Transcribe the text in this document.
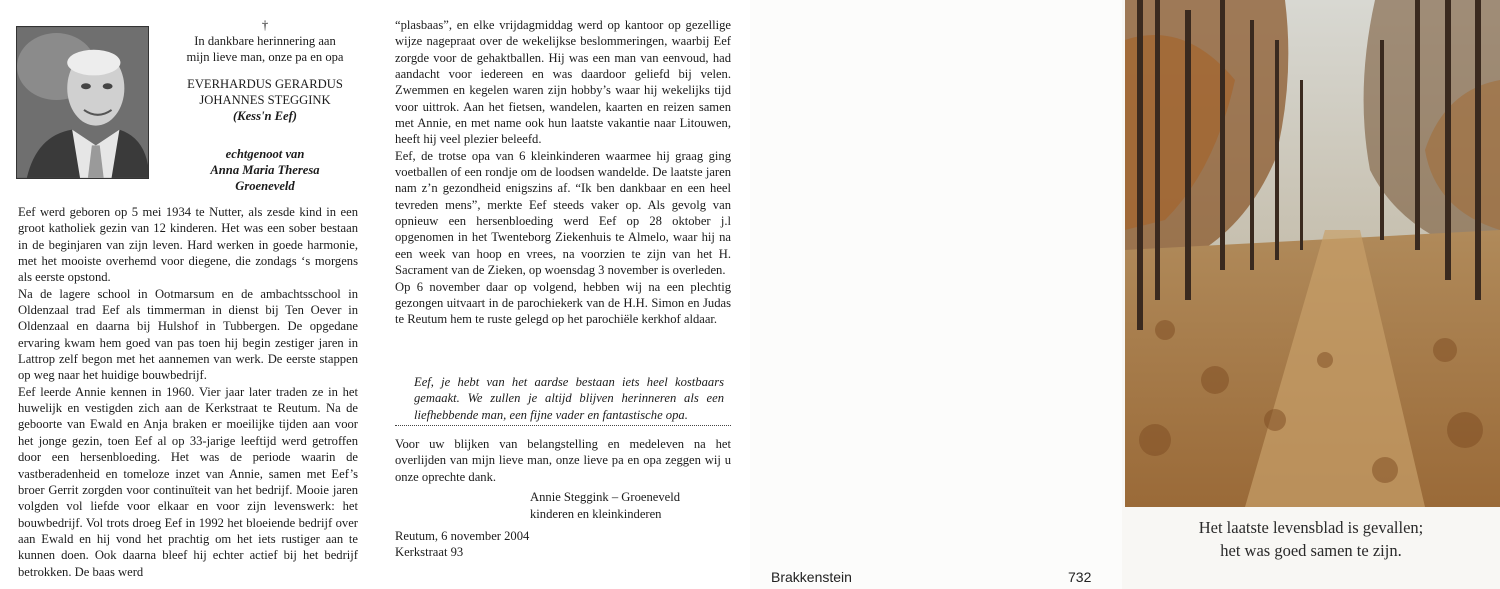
†
In dankbare herinnering aan
mijn lieve man, onze pa en opa
EVERHARDUS GERARDUS
JOHANNES STEGGINK
(Kess'n Eef)
echtgenoot van
Anna Maria Theresa
Groeneveld

Eef werd geboren op 5 mei 1934 te Nutter, als zesde kind in een groot katholiek gezin van 12 kinderen. Het was een sober bestaan in de beginjaren van zijn leven. Hard werken in goede harmonie, met het mooiste overhemd voor diegene, die zondags ‘s morgens als eerste opstond.

Na de lagere school in Ootmarsum en de ambachtsschool in Oldenzaal trad Eef als timmerman in dienst bij Ten Oever in Oldenzaal en daarna bij Hulshof in Tubbergen. De opgedane ervaring kwam hem goed van pas toen hij begin zestiger jaren in Lattrop zelf begon met het aannemen van werk. De eerste stappen op weg naar het huidige bouwbedrijf.

Eef leerde Annie kennen in 1960. Vier jaar later traden ze in het huwelijk en vestigden zich aan de Kerkstraat te Reutum. Na de geboorte van Ewald en Anja braken er moeilijke tijden aan voor het jonge gezin, toen Eef al op 33-jarige leeftijd werd getroffen door een hersenbloeding. Het was de periode waarin de vastberadenheid en tomeloze inzet van Annie, samen met Eef’s broer Gerrit zorgden voor continuïteit van het bedrijf. Mooie jaren volgden vol liefde voor elkaar en voor zijn levenswerk: het bouwbedrijf. Vol trots droeg Eef in 1992 het bloeiende bedrijf over aan Ewald en hij vond het prachtig om het iets rustiger aan te kunnen doen. Ook daarna bleef hij echter actief bij het bedrijf betrokken. De baas werd

“plasbaas”, en elke vrijdagmiddag werd op kantoor op gezellige wijze nagepraat over de wekelijkse beslommeringen, waarbij Eef zorgde voor de gehaktballen. Hij was een man van eenvoud, had aandacht voor iedereen en was daardoor geliefd bij velen. Zwemmen en kegelen waren zijn hobby’s waar hij wekelijks tijd voor uittrok. Aan het fietsen, wandelen, kaarten en reizen samen met Annie, en met name ook hun laatste vakantie naar Litouwen, heeft hij veel plezier beleefd.

Eef, de trotse opa van 6 kleinkinderen waarmee hij graag ging voetballen of een rondje om de loodsen wandelde. De laatste jaren nam z’n gezondheid enigszins af. “Ik ben dankbaar en een heel tevreden mens”, merkte Eef steeds vaker op. Als gevolg van opnieuw een hersenbloeding werd Eef op 28 oktober j.l opgenomen in het Twenteborg Ziekenhuis te Almelo, waar hij na een week van hoop en vrees, na voorzien te zijn van het H. Sacrament van de Zieken, op woensdag 3 november is overleden.

Op 6 november daar op volgend, hebben wij na een plechtig gezongen uitvaart in de parochiekerk van de H.H. Simon en Judas te Reutum hem te ruste gelegd op het parochiële kerkhof aldaar.

Eef, je hebt van het aardse bestaan iets heel kostbaars gemaakt. We zullen je altijd blijven herinneren als een liefhebbende man, een fijne vader en fantastische opa.
Voor uw blijken van belangstelling en medeleven na het overlijden van mijn lieve man, onze lieve pa en opa zeggen wij u onze oprechte dank.
Annie Steggink – Groeneveld
kinderen en kleinkinderen
Reutum, 6 november 2004
Kerkstraat 93
Brakkenstein	732
Het laatste levensblad is gevallen;
het was goed samen te zijn.
